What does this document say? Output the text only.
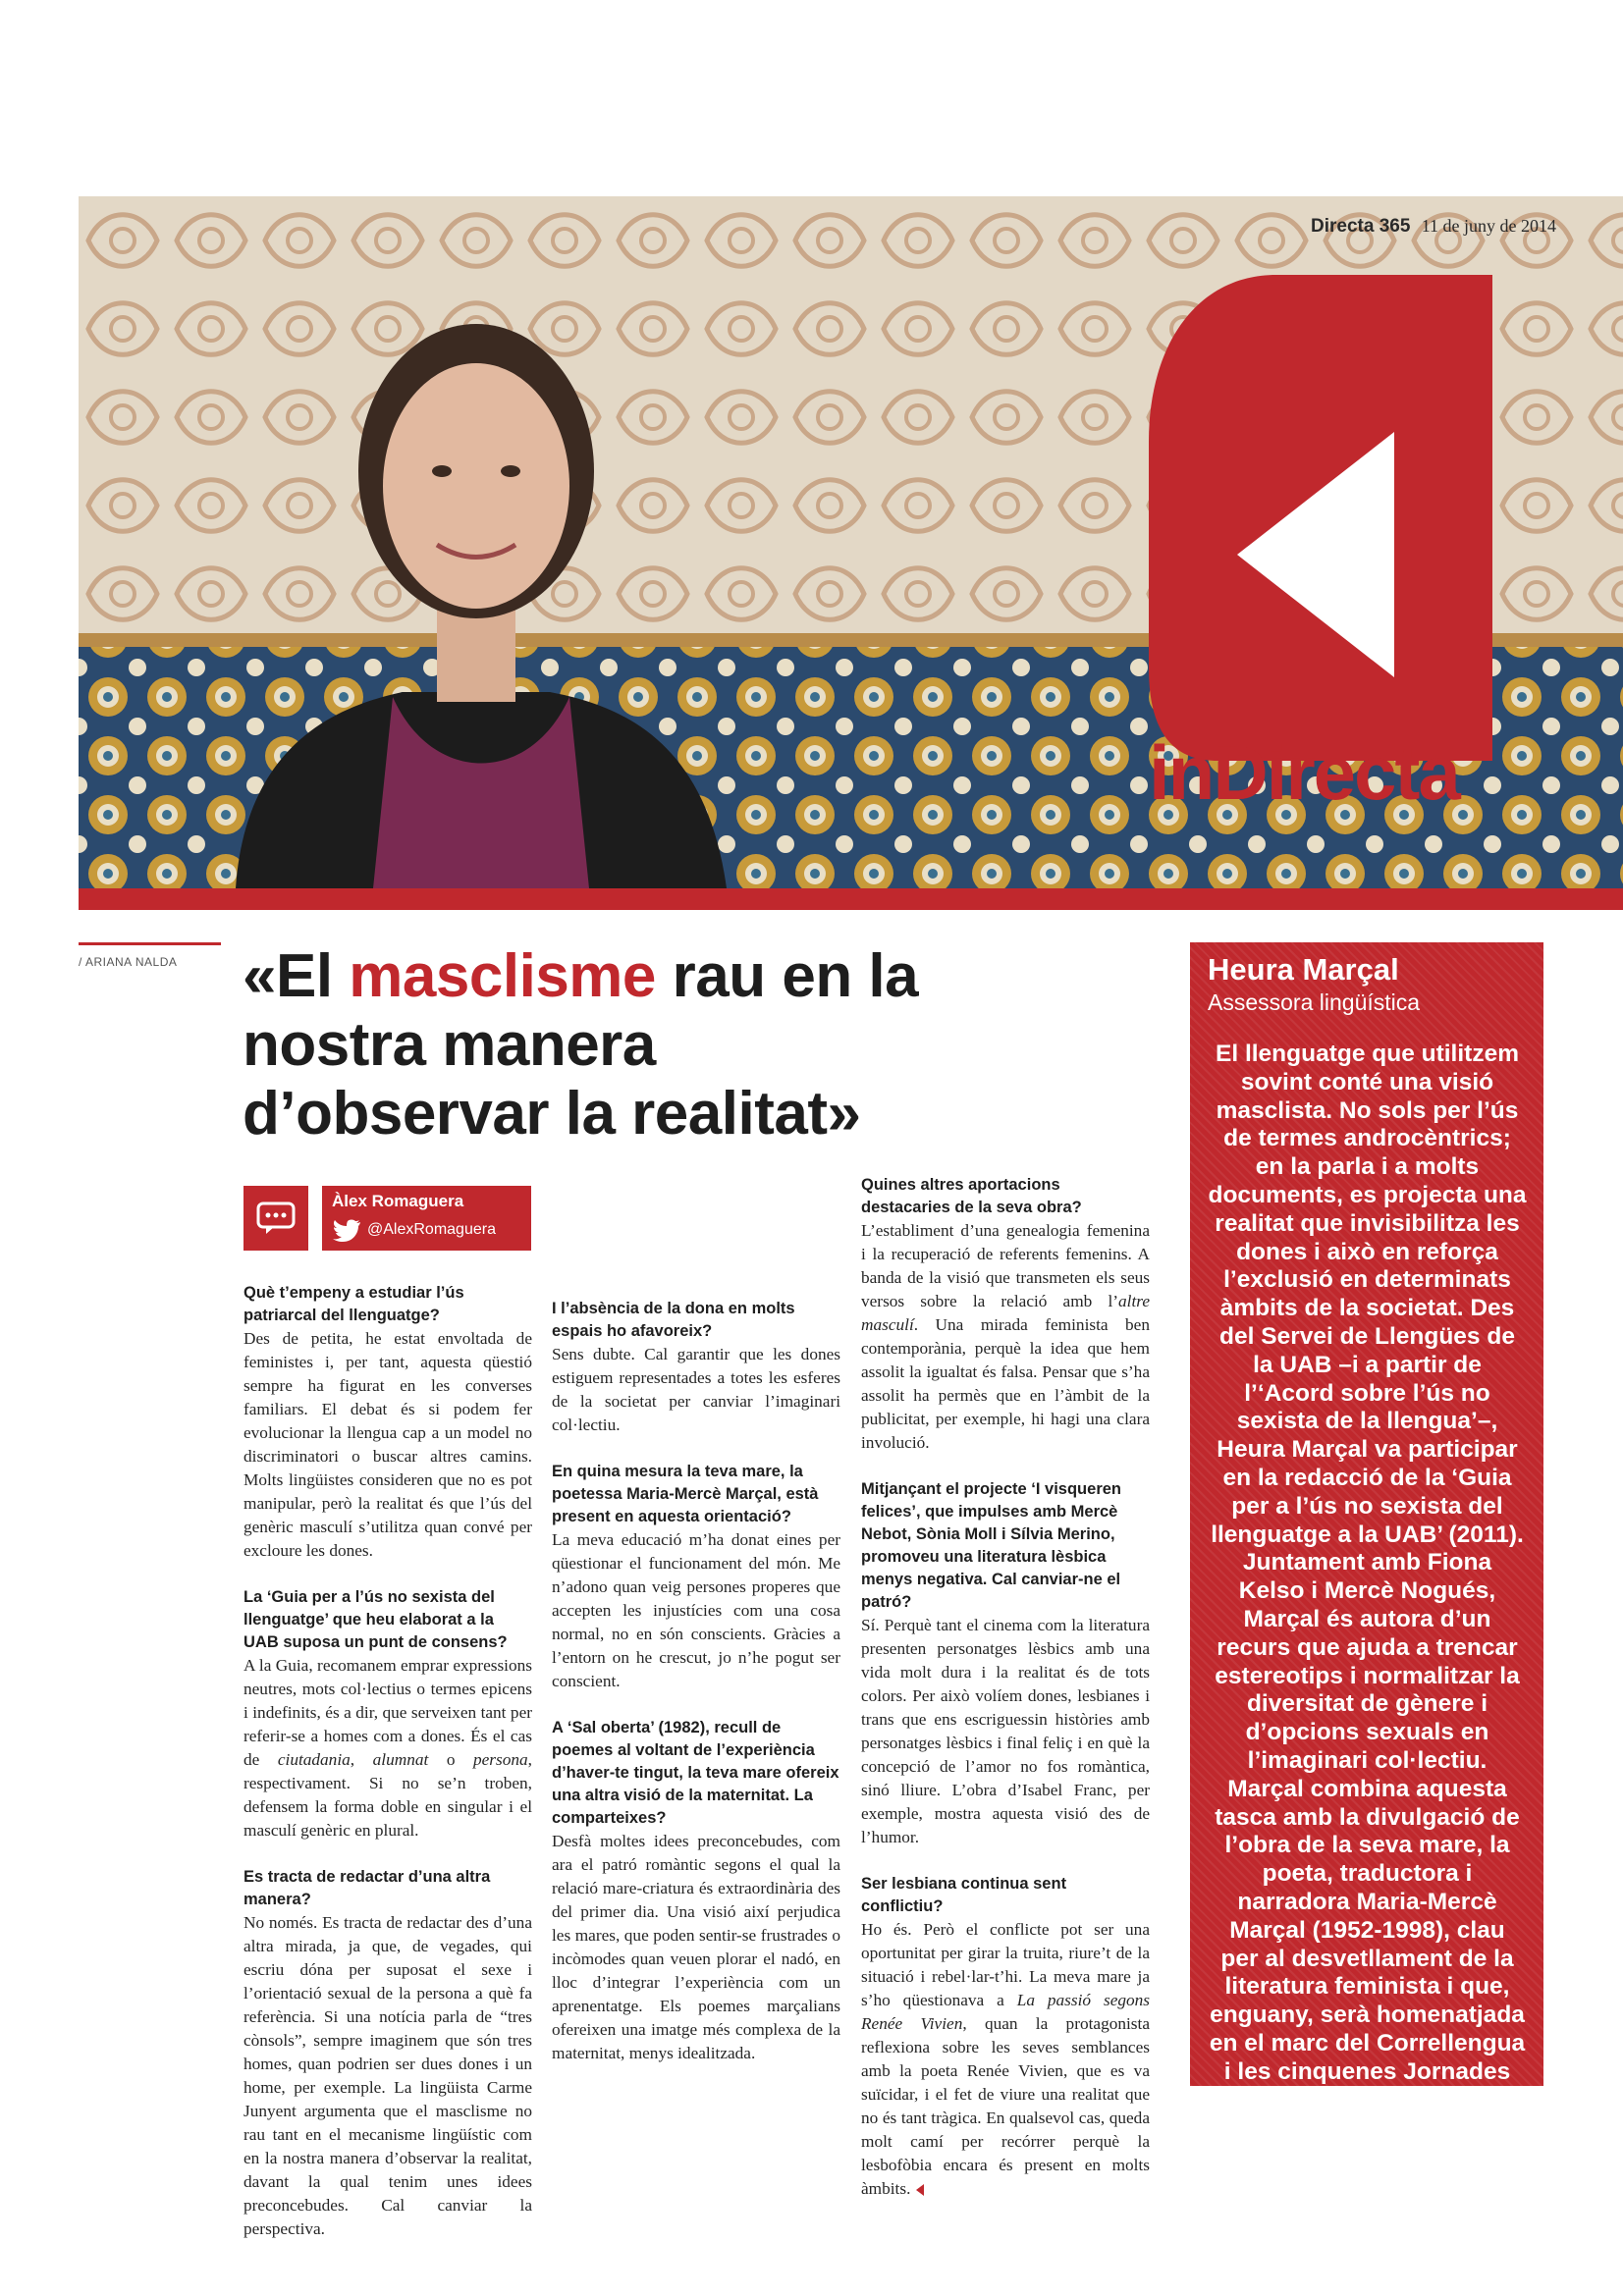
Directa 365 11 de juny de 2014
inDirecta
/ ARIANA NALDA «El masclisme rau en la nostra manera d’observar la realitat»
Àlex Romaguera
@AlexRomaguera

Què t’empeny a estudiar l’ús patriarcal del llenguatge?

Des de petita, he estat envoltada de feministes i, per tant, aquesta qüestió sempre ha figurat en les converses familiars. El debat és si podem fer evolucionar la llengua cap a un model no discriminatori o buscar altres camins. Molts lingüistes consideren que no es pot manipular, però la realitat és que l’ús del genèric masculí s’utilitza quan convé per excloure les dones.

La ‘Guia per a l’ús no sexista del llenguatge’ que heu elaborat a la UAB suposa un punt de consens?

A la Guia, recomanem emprar expressions neutres, mots col·lectius o termes epicens i indefinits, és a dir, que serveixen tant per referir-se a homes com a dones. És el cas de ciutadania, alumnat o persona, respectivament. Si no se’n troben, defensem la forma doble en singular i el masculí genèric en plural.

Es tracta de redactar d’una altra manera?

No només. Es tracta de redactar des d’una altra mirada, ja que, de vegades, qui escriu dóna per suposat el sexe i l’orientació sexual de la persona a què fa referència. Si una notícia parla de “tres cònsols”, sempre imaginem que són tres homes, quan podrien ser dues dones i un home, per exemple. La lingüista Carme Junyent argumenta que el masclisme no rau tant en el mecanisme lingüístic com en la nostra manera d’observar la realitat, davant la qual tenim unes idees preconcebudes. Cal canviar la perspectiva.

I l’absència de la dona en molts espais ho afavoreix?

Sens dubte. Cal garantir que les dones estiguem representades a totes les esferes de la societat per canviar l’imaginari col·lectiu.

En quina mesura la teva mare, la poetessa Maria-Mercè Marçal, està present en aquesta orientació?

La meva educació m’ha donat eines per qüestionar el funcionament del món. Me n’adono quan veig persones properes que accepten les injustícies com una cosa normal, no en són conscients. Gràcies a l’entorn on he crescut, jo n’he pogut ser conscient.

A ‘Sal oberta’ (1982), recull de poemes al voltant de l’experiència d’haver-te tingut, la teva mare ofereix una altra visió de la maternitat. La comparteixes?

Desfà moltes idees preconcebudes, com ara el patró romàntic segons el qual la relació mare-criatura és extraordinària des del primer dia. Una visió així perjudica les mares, que poden sentir-se frustrades o incòmodes quan veuen plorar el nadó, en lloc d’integrar l’experiència com un aprenentatge. Els poemes marçalians ofereixen una imatge més complexa de la maternitat, menys idealitzada.

Quines altres aportacions destacaries de la seva obra?

L’establiment d’una genealogia femenina i la recuperació de referents femenins. A banda de la visió que transmeten els seus versos sobre la relació amb l’altre masculí. Una mirada feminista ben contemporània, perquè la idea que hem assolit la igualtat és falsa. Pensar que s’ha assolit ha permès que en l’àmbit de la publicitat, per exemple, hi hagi una clara involució.

Mitjançant el projecte ‘I visqueren felices’, que impulses amb Mercè Nebot, Sònia Moll i Sílvia Merino, promoveu una literatura lèsbica menys negativa. Cal canviar-ne el patró?

Sí. Perquè tant el cinema com la literatura presenten personatges lèsbics amb una vida molt dura i la realitat és de tots colors. Per això volíem dones, lesbianes i trans que ens escriguessin històries amb personatges lèsbics i final feliç i en què la concepció de l’amor no fos romàntica, sinó lliure. L’obra d’Isabel Franc, per exemple, mostra aquesta visió des de l’humor.

Ser lesbiana continua sent conflictiu?

Ho és. Però el conflicte pot ser una oportunitat per girar la truita, riure’t de la situació i rebel·lar-t’hi. La meva mare ja s’ho qüestionava a La passió segons Renée Vivien, quan la protagonista reflexiona sobre les seves semblances amb la poeta Renée Vivien, que es va suïcidar, i el fet de viure una realitat que no és tant tràgica. En qualsevol cas, queda molt camí per recórrer perquè la lesbofòbia encara és present en molts àmbits.

Heura Marçal
Assessora lingüística
El llenguatge que utilitzem sovint conté una visió masclista. No sols per l’ús de termes androcèntrics; en la parla i a molts documents, es projecta una realitat que invisibilitza les dones i això en reforça l’exclusió en determinats àmbits de la societat. Des del Servei de Llengües de la UAB –i a partir de l’‘Acord sobre l’ús no sexista de la llengua’–, Heura Marçal va participar en la redacció de la ‘Guia per a l’ús no sexista del llenguatge a la UAB’ (2011). Juntament amb Fiona Kelso i Mercè Nogués, Marçal és autora d’un recurs que ajuda a trencar estereotips i normalitzar la diversitat de gènere i d’opcions sexuals en l’imaginari col·lectiu. Marçal combina aquesta tasca amb la divulgació de l’obra de la seva mare, la poeta, traductora i narradora Maria-Mercè Marçal (1952-1998), clau per al desvetllament de la literatura feminista i que, enguany, serà homenatjada en el marc del Correllengua i les cinquenes Jornades Marçalianes, que tindran lloc el mes de novembre d’enguany.
